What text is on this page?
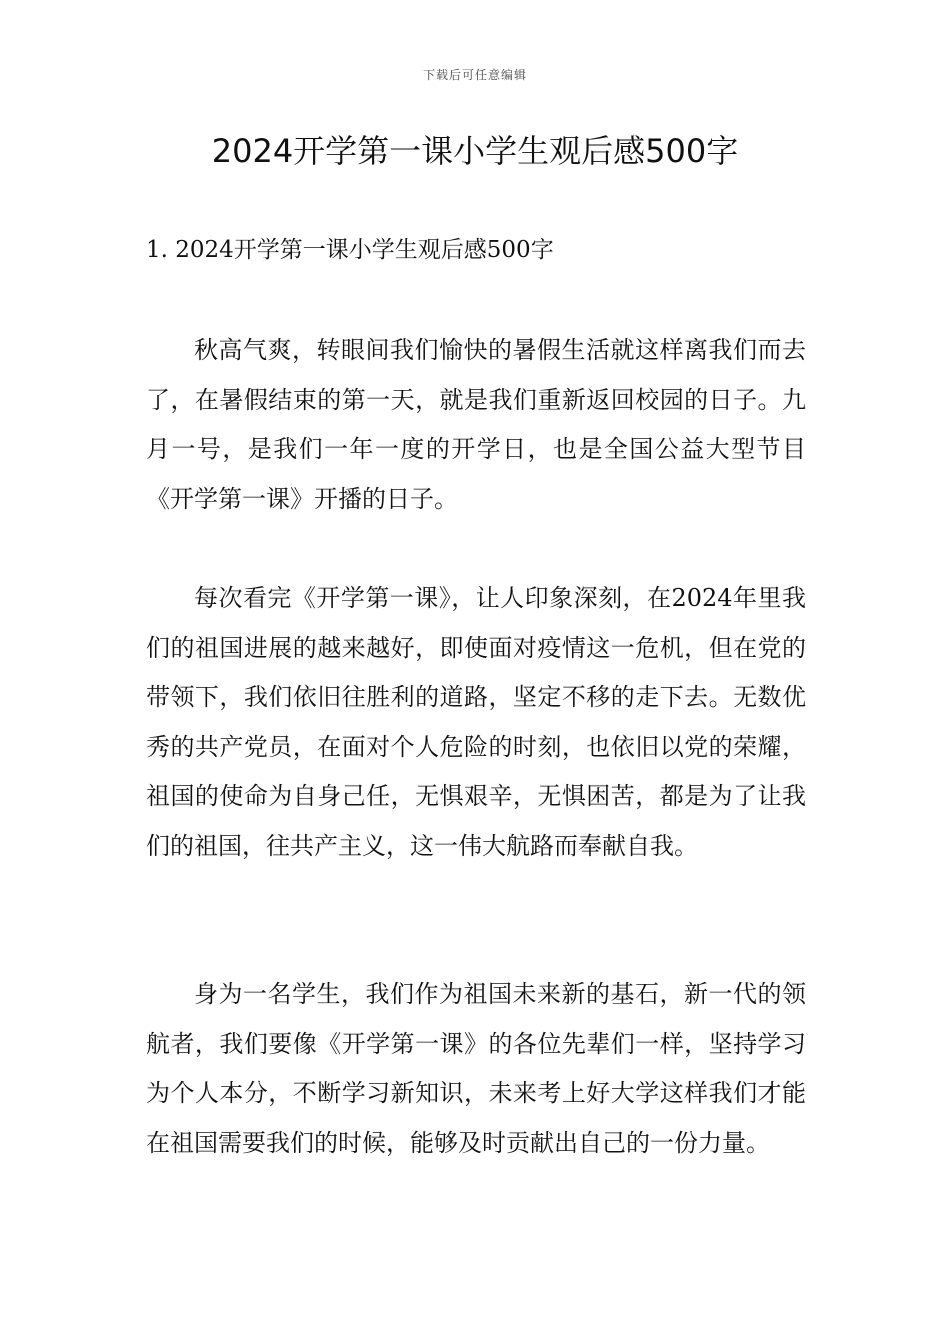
下载后可任意编辑
2024开学第一课小学生观后感500字
1. 2024开学第一课小学生观后感500字

秋高气爽，转眼间我们愉快的暑假生活就这样离我们而去了，在暑假结束的第一天，就是我们重新返回校园的日子。九月一号，是我们一年一度的开学日，也是全国公益大型节目《开学第一课》开播的日子。

每次看完《开学第一课》，让人印象深刻，在2024年里我们的祖国进展的越来越好，即使面对疫情这一危机，但在党的带领下，我们依旧往胜利的道路，坚定不移的走下去。无数优秀的共产党员，在面对个人危险的时刻，也依旧以党的荣耀，祖国的使命为自身己任，无惧艰辛，无惧困苦，都是为了让我们的祖国，往共产主义，这一伟大航路而奉献自我。

身为一名学生，我们作为祖国未来新的基石，新一代的领航者，我们要像《开学第一课》的各位先辈们一样，坚持学习为个人本分，不断学习新知识，未来考上好大学这样我们才能在祖国需要我们的时候，能够及时贡献出自己的一份力量。
